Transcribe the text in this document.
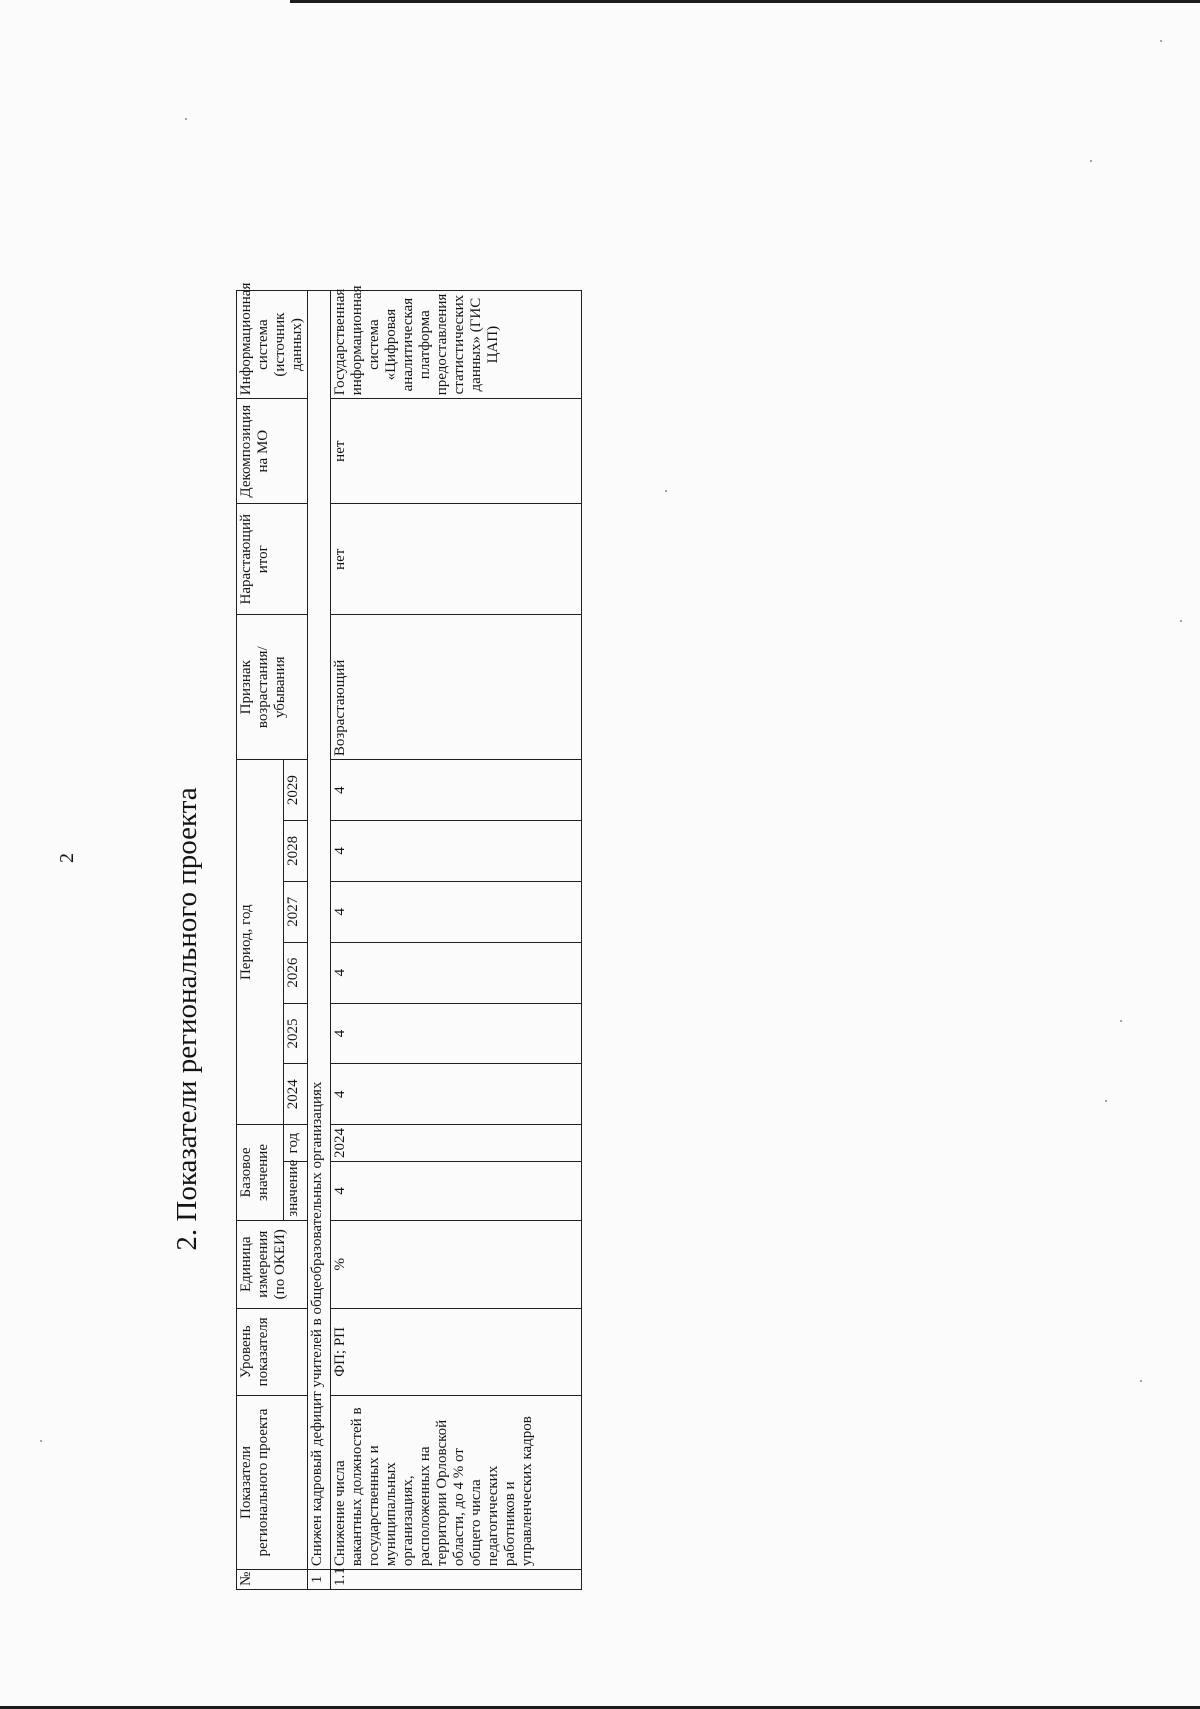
2	2. Показатели регионального проекта
№	Показатели регионального проекта	Уровень показателя	Единица измерения (по ОКЕИ)	Базовое значение		Период, год						Признак возрастания/ убывания	Нарастающий итог	Декомпозиция на МО	Информационная система (источник данных)
				значение	год	2024	2025	2026	2027	2028	2029				
1	Снижен кадровый дефицит учителей в общеобразовательных организациях														
1.1	Снижение числа вакантных должностей в государственных и муниципальных организациях, расположенных на территории Орловской области, до 4 % от общего числа педагогических работников и управленческих кадров	ФП; РП	%	4	2024	4	4	4	4	4	4	Возрастающий	нет	нет	Государственная информационная система «Цифровая аналитическая платформа предоставления статистических данных» (ГИС ЦАП)
